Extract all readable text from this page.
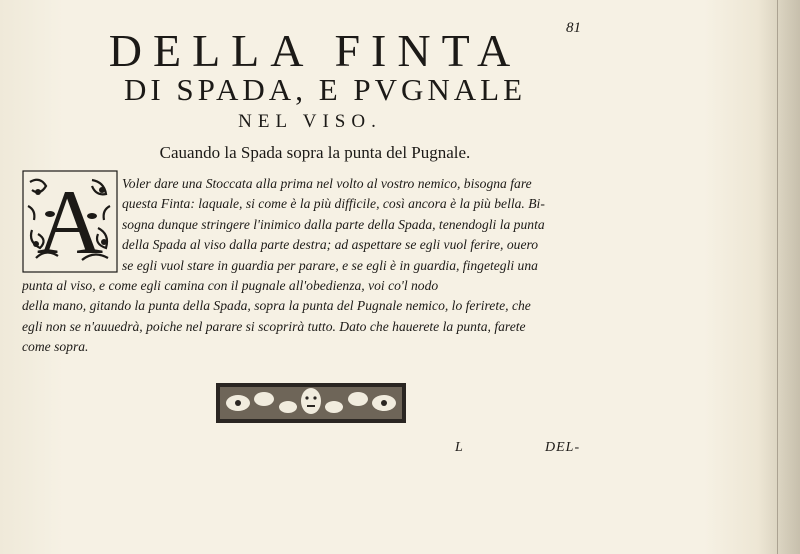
81
DELLA FINTA
DI SPADA, E PVGNALE
NEL VISO.
Cauando la Spada sopra la punta del Pugnale.
Voler dare una Stoccata alla prima nel volto al vostro nemico, bisogna fare
questa Finta: laquale, si come è la più difficile, così ancora è la più bella. Bi-
sogna dunque stringere l'inimico dalla parte della Spada, tenendogli la punta
della Spada al viso dalla parte destra; ad aspettare se egli vuol ferire, ouero
se egli vuol stare in guardia per parare, e se egli è in guardia, fingetegli una
punta al viso, e come egli camina con il pugnale all'obedienza, voi co'l nodo
della mano, gitando la punta della Spada, sopra la punta del Pugnale nemico, lo ferirete, che
egli non se n'auuedrà, poiche nel parare si scoprirà tutto. Dato che hauerete la punta, farete
come sopra.
A
L	DEL-
